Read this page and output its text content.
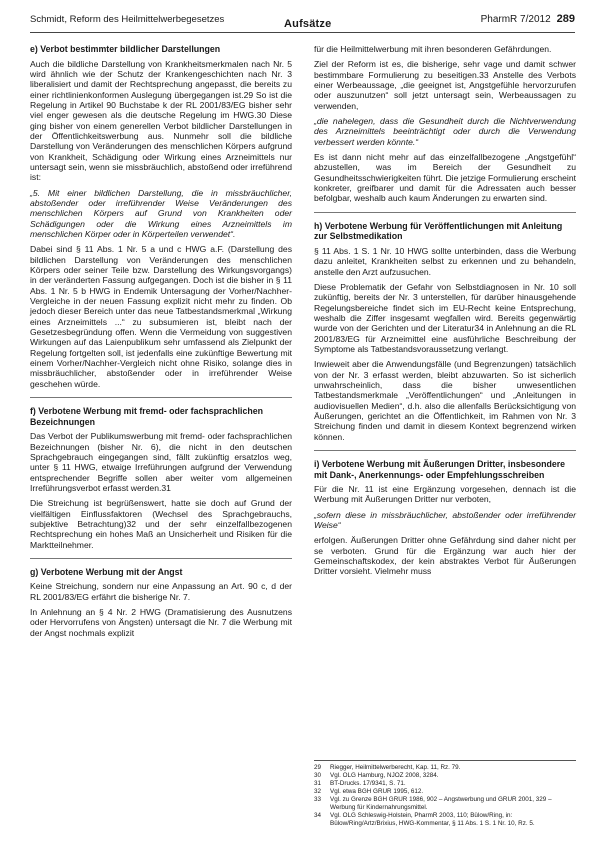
Schmidt, Reform des Heilmittelwerbegesetzes	Aufsätze	PharmR 7/2012 289
e) Verbot bestimmter bildlicher Darstellungen

Auch die bildliche Darstellung von Krankheitsmerkmalen nach Nr. 5 wird ähnlich wie der Schutz der Krankengeschichten nach Nr. 3 liberalisiert und damit der Rechtsprechung angepasst, die bereits zu einer richtlinienkonformen Auslegung übergegangen ist.29 So ist die Regelung in Artikel 90 Buchstabe k der RL 2001/83/EG bisher sehr viel enger gewesen als die deutsche Regelung im HWG.30 Diese ging bisher von einem generellen Verbot bildlicher Darstellungen in der Öffentlichkeitswerbung aus. Nunmehr soll die bildliche Darstellung von Veränderungen des menschlichen Körpers aufgrund von Krankheit, Schädigung oder Wirkung eines Arzneimittels nur untersagt sein, wenn sie missbräuchlich, abstoßend oder irreführend ist:

„5. Mit einer bildlichen Darstellung, die in missbräuchlicher, abstoßender oder irreführender Weise Veränderungen des menschlichen Körpers auf Grund von Krankheiten oder Schädigungen oder die Wirkung eines Arzneimittels im menschlichen Körper oder in Körperteilen verwendet“.

Dabei sind § 11 Abs. 1 Nr. 5 a und c HWG a.F. (Darstellung des bildlichen Darstellung von Veränderungen des menschlichen Körpers oder seiner Teile bzw. Darstellung des Wirkungsvorgangs) in der veränderten Fassung aufgegangen. Doch ist die bisher in § 11 Abs. 1 Nr. 5 b HWG in Endemik Untersagung der Vorher/Nachher-Vergleiche in der neuen Fassung explizit nicht mehr zu finden. Ob jedoch dieser Bereich unter das neue Tatbestandsmerkmal „Wirkung eines Arzneimittels ...“ zu subsumieren ist, bleibt nach der Gesetzesbegründung offen. Wenn die Vermeidung von suggestiven Wirkungen auf das Laienpublikum sehr umfassend als Zielpunkt der Regelung fortgelten soll, ist jedenfalls eine zukünftige Bewertung mit einem Vorher/Nachher-Vergleich nicht ohne Risiko, solange dies in missbräuchlicher, abstoßender oder in irreführender Weise geschehen würde.

f) Verbotene Werbung mit fremd- oder fachsprachlichen Bezeichnungen

Das Verbot der Publikumswerbung mit fremd- oder fachsprachlichen Bezeichnungen (bisher Nr. 6), die nicht in den deutschen Sprachgebrauch eingegangen sind, fällt zukünftig ersatzlos weg, unter § 11 HWG, etwaige Irreführungen aufgrund der Verwendung entsprechender Begriffe sollen aber weiter vom allgemeinen Irreführungsverbot erfasst werden.31

Die Streichung ist begrüßenswert, hatte sie doch auf Grund der vielfältigen Einflussfaktoren (Wechsel des Sprachgebrauchs, subjektive Betrachtung)32 und der sehr einzelfallbezogenen Rechtsprechung ein hohes Maß an Unsicherheit und Risiken für die Marktteilnehmer.

g) Verbotene Werbung mit der Angst

Keine Streichung, sondern nur eine Anpassung an Art. 90 c, d der RL 2001/83/EG erfährt die bisherige Nr. 7.

In Anlehnung an § 4 Nr. 2 HWG (Dramatisierung des Ausnutzens oder Hervorrufens von Ängsten) untersagt die Nr. 7 die Werbung mit der Angst nochmals explizit

für die Heilmittelwerbung mit ihren besonderen Gefährdungen.

Ziel der Reform ist es, die bisherige, sehr vage und damit schwer bestimmbare Formulierung zu beseitigen.33 Anstelle des Verbots einer Werbeaussage, „die geeignet ist, Angstgefühle hervorzurufen oder auszunutzen“ soll jetzt untersagt sein, Werbeaussagen zu verwenden,

„die nahelegen, dass die Gesundheit durch die Nichtverwendung des Arzneimittels beeinträchtigt oder durch die Verwendung verbessert werden könnte.“

Es ist dann nicht mehr auf das einzelfallbezogene „Angstgefühl“ abzustellen, was im Bereich der Gesundheit zu Gesundheitsschwierigkeiten führt. Die jetzige Formulierung erscheint konkreter, greifbarer und damit für die Adressaten auch besser befolgbar, weshalb auch kaum Änderungen zu erwarten sind.

h) Verbotene Werbung für Veröffentlichungen mit Anleitung zur Selbstmedikation

§ 11 Abs. 1 S. 1 Nr. 10 HWG sollte unterbinden, dass die Werbung dazu anleitet, Krankheiten selbst zu erkennen und zu behandeln, anstelle den Arzt aufzusuchen.

Diese Problematik der Gefahr von Selbstdiagnosen in Nr. 10 soll zukünftig, bereits der Nr. 3 unterstellen, für darüber hinausgehende Regelungsbereiche findet sich im EU-Recht keine Entsprechung, weshalb die Ziffer insgesamt wegfallen wird. Bereits gegenwärtig wurde von der Gerichten und der Literatur34 in Anlehnung an die RL 2001/83/EG für Arzneimittel eine ausführliche Beschreibung der Symptome als Tatbestandsvoraussetzung verlangt.

Inwieweit aber die Anwendungsfälle (und Begrenzungen) tatsächlich von der Nr. 3 erfasst werden, bleibt abzuwarten. So ist sicherlich unwahrscheinlich, dass die bisher unwesentlichen Tatbestandsmerkmale „Veröffentlichungen“ und „Anleitungen in audiovisuellen Medien“, d.h. also die allenfalls Berücksichtigung von Äußerungen, gerichtet an die Öffentlichkeit, im Rahmen von Nr. 3 Streichung finden und damit in diesem Kontext begrenzend wirken können.

i) Verbotene Werbung mit Äußerungen Dritter, insbesondere mit Dank-, Anerkennungs- oder Empfehlungsschreiben

Für die Nr. 11 ist eine Ergänzung vorgesehen, dennach ist die Werbung mit Äußerungen Dritter nur verboten,

„sofern diese in missbräuchlicher, abstoßender oder irreführender Weise“

erfolgen. Äußerungen Dritter ohne Gefährdung sind daher nicht per se verboten. Grund für die Ergänzung war auch hier der Gemeinschaftskodex, der kein abstraktes Verbot für Äußerungen Dritter vorsieht. Vielmehr muss

29	Riegger, Heilmittelwerberecht, Kap. 11, Rz. 79.
30	Vgl. OLG Hamburg, NJOZ 2008, 3284.
31	BT-Drucks. 17/9341, S. 71.
32	Vgl. etwa BGH GRUR 1995, 612.
33	Vgl. zu Grenze BGH GRUR 1986, 902 – Angstwerbung und GRUR 2001, 329 – Werbung für Kindernahrungsmittel.
34	Vgl. OLG Schleswig-Holstein, PharmR 2003, 110; Bülow/Ring, in: Bülow/Ring/Artz/Brixius, HWG-Kommentar, § 11 Abs. 1 S. 1 Nr. 10, Rz. 5.
